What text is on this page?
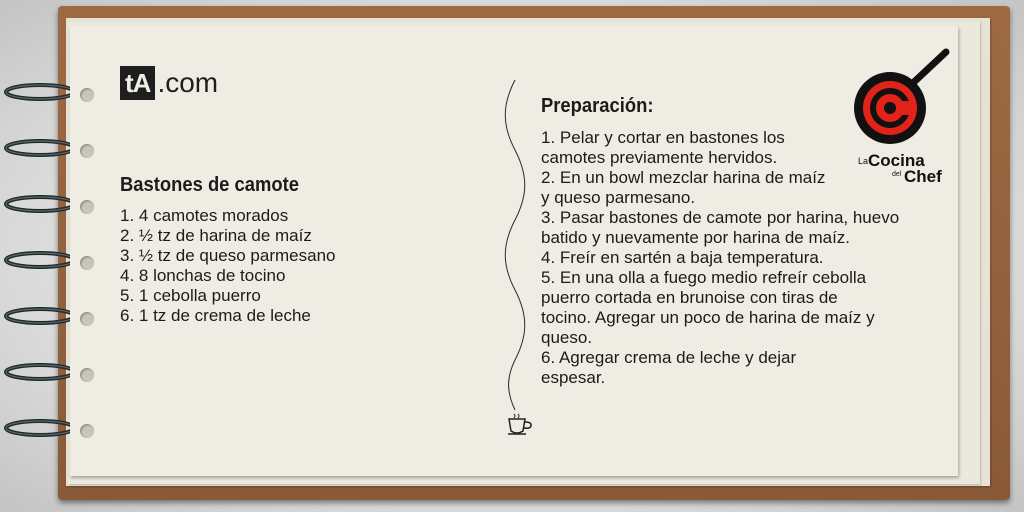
tA .com
Bastones de camote
1. 4 camotes morados
2. ½ tz de harina de maíz
3. ½ tz de queso parmesano
4. 8 lonchas de tocino
5. 1 cebolla puerro
6. 1 tz de crema de leche
Preparación:

1. Pelar y cortar en bastones los camotes previamente hervidos.

2. En un bowl mezclar harina de maíz y queso parmesano.

3. Pasar bastones de camote por harina, huevo batido y nuevamente por harina de maíz.

4. Freír en sartén a baja temperatura.

5. En una olla a fuego medio refreír cebolla puerro cortada en brunoise con tiras de tocino. Agregar un poco de harina de maíz y queso.

6. Agregar crema de leche y dejar espesar.

La Cocina
del Chef
